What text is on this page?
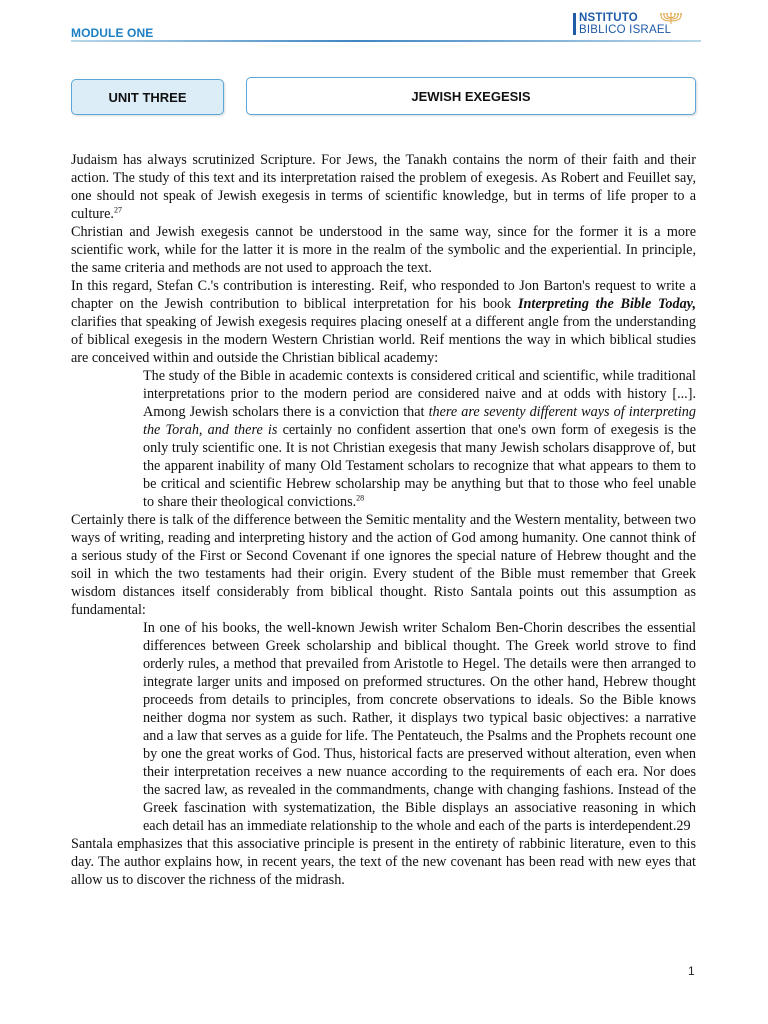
MODULE ONE
NSTITUTO
BIBLICO ISRAEL
UNIT THREE	JEWISH EXEGESIS

Judaism has always scrutinized Scripture. For Jews, the Tanakh contains the norm of their faith and their action. The study of this text and its interpretation raised the problem of exegesis. As Robert and Feuillet say, one should not speak of Jewish exegesis in terms of scientific knowledge, but in terms of life proper to a culture.$^{27}$

Christian and Jewish exegesis cannot be understood in the same way, since for the former it is a more scientific work, while for the latter it is more in the realm of the symbolic and the experiential. In principle, the same criteria and methods are not used to approach the text.

In this regard, Stefan C.'s contribution is interesting. Reif, who responded to Jon Barton's request to write a chapter on the Jewish contribution to biblical interpretation for his book Interpreting the Bible Today, clarifies that speaking of Jewish exegesis requires placing oneself at a different angle from the understanding of biblical exegesis in the modern Western Christian world. Reif mentions the way in which biblical studies are conceived within and outside the Christian biblical academy:

The study of the Bible in academic contexts is considered critical and scientific, while traditional interpretations prior to the modern period are considered naive and at odds with history [...]. Among Jewish scholars there is a conviction that there are seventy different ways of interpreting the Torah, and there is certainly no confident assertion that one's own form of exegesis is the only truly scientific one. It is not Christian exegesis that many Jewish scholars disapprove of, but the apparent inability of many Old Testament scholars to recognize that what appears to them to be critical and scientific Hebrew scholarship may be anything but that to those who feel unable to share their theological convictions.$^{28}$

Certainly there is talk of the difference between the Semitic mentality and the Western mentality, between two ways of writing, reading and interpreting history and the action of God among humanity. One cannot think of a serious study of the First or Second Covenant if one ignores the special nature of Hebrew thought and the soil in which the two testaments had their origin. Every student of the Bible must remember that Greek wisdom distances itself considerably from biblical thought. Risto Santala points out this assumption as fundamental:

In one of his books, the well-known Jewish writer Schalom Ben-Chorin describes the essential differences between Greek scholarship and biblical thought. The Greek world strove to find orderly rules, a method that prevailed from Aristotle to Hegel. The details were then arranged to integrate larger units and imposed on preformed structures. On the other hand, Hebrew thought proceeds from details to principles, from concrete observations to ideals. So the Bible knows neither dogma nor system as such. Rather, it displays two typical basic objectives: a narrative and a law that serves as a guide for life. The Pentateuch, the Psalms and the Prophets recount one by one the great works of God. Thus, historical facts are preserved without alteration, even when their interpretation receives a new nuance according to the requirements of each era. Nor does the sacred law, as revealed in the commandments, change with changing fashions. Instead of the Greek fascination with systematization, the Bible displays an associative reasoning in which each detail has an immediate relationship to the whole and each of the parts is interdependent.29

Santala emphasizes that this associative principle is present in the entirety of rabbinic literature, even to this day. The author explains how, in recent years, the text of the new covenant has been read with new eyes that allow us to discover the richness of the midrash.

1
